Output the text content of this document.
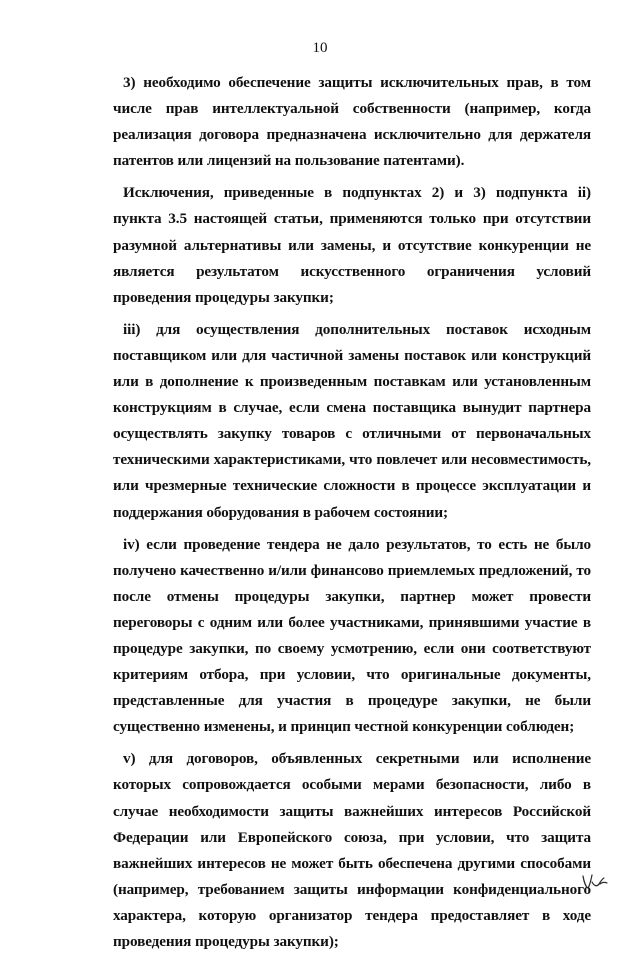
10

3) необходимо обеспечение защиты исключительных прав, в том числе прав интеллектуальной собственности (например, когда реализация договора предназначена исключительно для держателя патентов или лицензий на пользование патентами).

Исключения, приведенные в подпунктах 2) и 3) подпункта ii) пункта 3.5 настоящей статьи, применяются только при отсутствии разумной альтернативы или замены, и отсутствие конкуренции не является результатом искусственного ограничения условий проведения процедуры закупки;

iii) для осуществления дополнительных поставок исходным поставщиком или для частичной замены поставок или конструкций или в дополнение к произведенным поставкам или установленным конструкциям в случае, если смена поставщика вынудит партнера осуществлять закупку товаров с отличными от первоначальных техническими характеристиками, что повлечет или несовместимость, или чрезмерные технические сложности в процессе эксплуатации и поддержания оборудования в рабочем состоянии;

iv) если проведение тендера не дало результатов, то есть не было получено качественно и/или финансово приемлемых предложений, то после отмены процедуры закупки, партнер может провести переговоры с одним или более участниками, принявшими участие в процедуре закупки, по своему усмотрению, если они соответствуют критериям отбора, при условии, что оригинальные документы, представленные для участия в процедуре закупки, не были существенно изменены, и принцип честной конкуренции соблюден;

v) для договоров, объявленных секретными или исполнение которых сопровождается особыми мерами безопасности, либо в случае необходимости защиты важнейших интересов Российской Федерации или Европейского союза, при условии, что защита важнейших интересов не может быть обеспечена другими способами (например, требованием защиты информации конфиденциального характера, которую организатор тендера предоставляет в ходе проведения процедуры закупки);
